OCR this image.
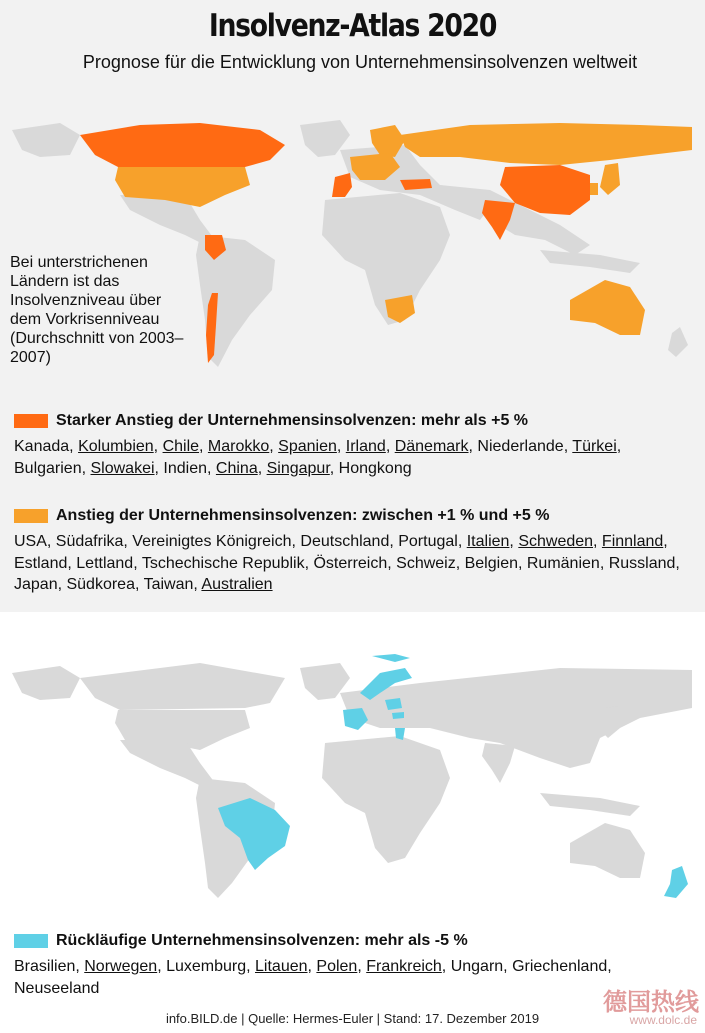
Insolvenz-Atlas 2020
Prognose für die Entwicklung von Unternehmensinsolvenzen weltweit
Bei unterstrichenen Ländern ist das Insolvenzniveau über dem Vorkrisenniveau (Durchschnitt von 2003–2007)
Starker Anstieg der Unternehmensinsolvenzen: mehr als +5 %
Kanada, Kolumbien, Chile, Marokko, Spanien, Irland, Dänemark, Niederlande, Türkei, Bulgarien, Slowakei, Indien, China, Singapur, Hongkong
Anstieg der Unternehmensinsolvenzen: zwischen +1 % und +5 %
USA, Südafrika, Vereinigtes Königreich, Deutschland, Portugal, Italien, Schweden, Finnland, Estland, Lettland, Tschechische Republik, Österreich, Schweiz, Belgien, Rumänien, Russland, Japan, Südkorea, Taiwan, Australien
Rückläufige Unternehmensinsolvenzen: mehr als -5 %
Brasilien, Norwegen, Luxemburg, Litauen, Polen, Frankreich, Ungarn, Griechenland, Neuseeland
info.BILD.de | Quelle: Hermes-Euler | Stand: 17. Dezember 2019
德国热线
www.dolc.de
